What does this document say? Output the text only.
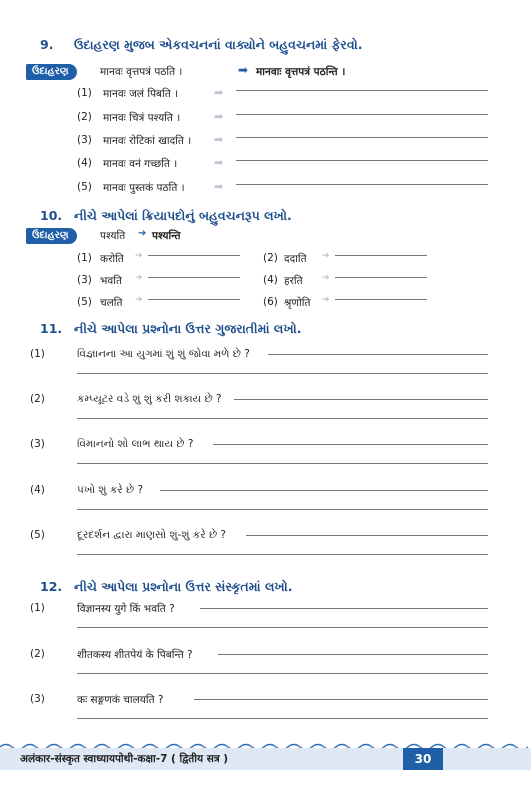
9. ઉદાહરણ મુજબ એકવચનનાં વાક્યોને બહુવચનમાં ફેરવો.
ઉદાહરણ	मानवः वृत्तपत्रं पठति ।	➡ मानवाः वृत्तपत्रं पठन्ति ।
(1) मानवः जलं पिबति ।	➡
(2) मानवः चित्रं पश्यति ।	➡
(3) मानवः रोटिकां खादति । ➡
(4) मानवः वनं गच्छति ।	➡
(5) मानवः पुस्तकं पठति ।	➡
10. નીચે આપેલાં ક્રિયાપદોનું બહુવચનરૂપ લખો.
ઉદાહરણ	पश्यति ➔ पश्यन्ति
(1) करोति ➔	(2) ददाति ➔
(3) भवति ➔	(4) हरति ➔
(5) चलति ➔	(6) श्रृणोति ➔
11. નીચે આપેલા પ્રશ્નોના ઉત્તર ગુજરાતીમાં લખો.
(1)	વિજ્ઞાનના આ યુગમાં શું શું જોવા મળે છે ?
(2)	કમ્પ્યૂટર વડે શું શું કરી શકાય છે ?
(3)	વિમાનનો શો લાભ થાય છે ?
(4)	પંખો શું કરે છે ?
(5)	દૂરદર્શન દ્વારા માણસો શું-શું કરે છે ?
12. નીચે આપેલા પ્રશ્નોના ઉત્તર સંસ્કૃતમાં લખો.
(1)	विज्ञानस्य युगे किं भवति ?
(2)	शीतकस्य शीतपेयं के पिबन्ति ?
(3)	कः सङ्गणकं चालयति ?
अलंकार-संस्कृत स्वाध्यायपोथी-कक्षा-7 ( द्वितीय सत्र )	30
